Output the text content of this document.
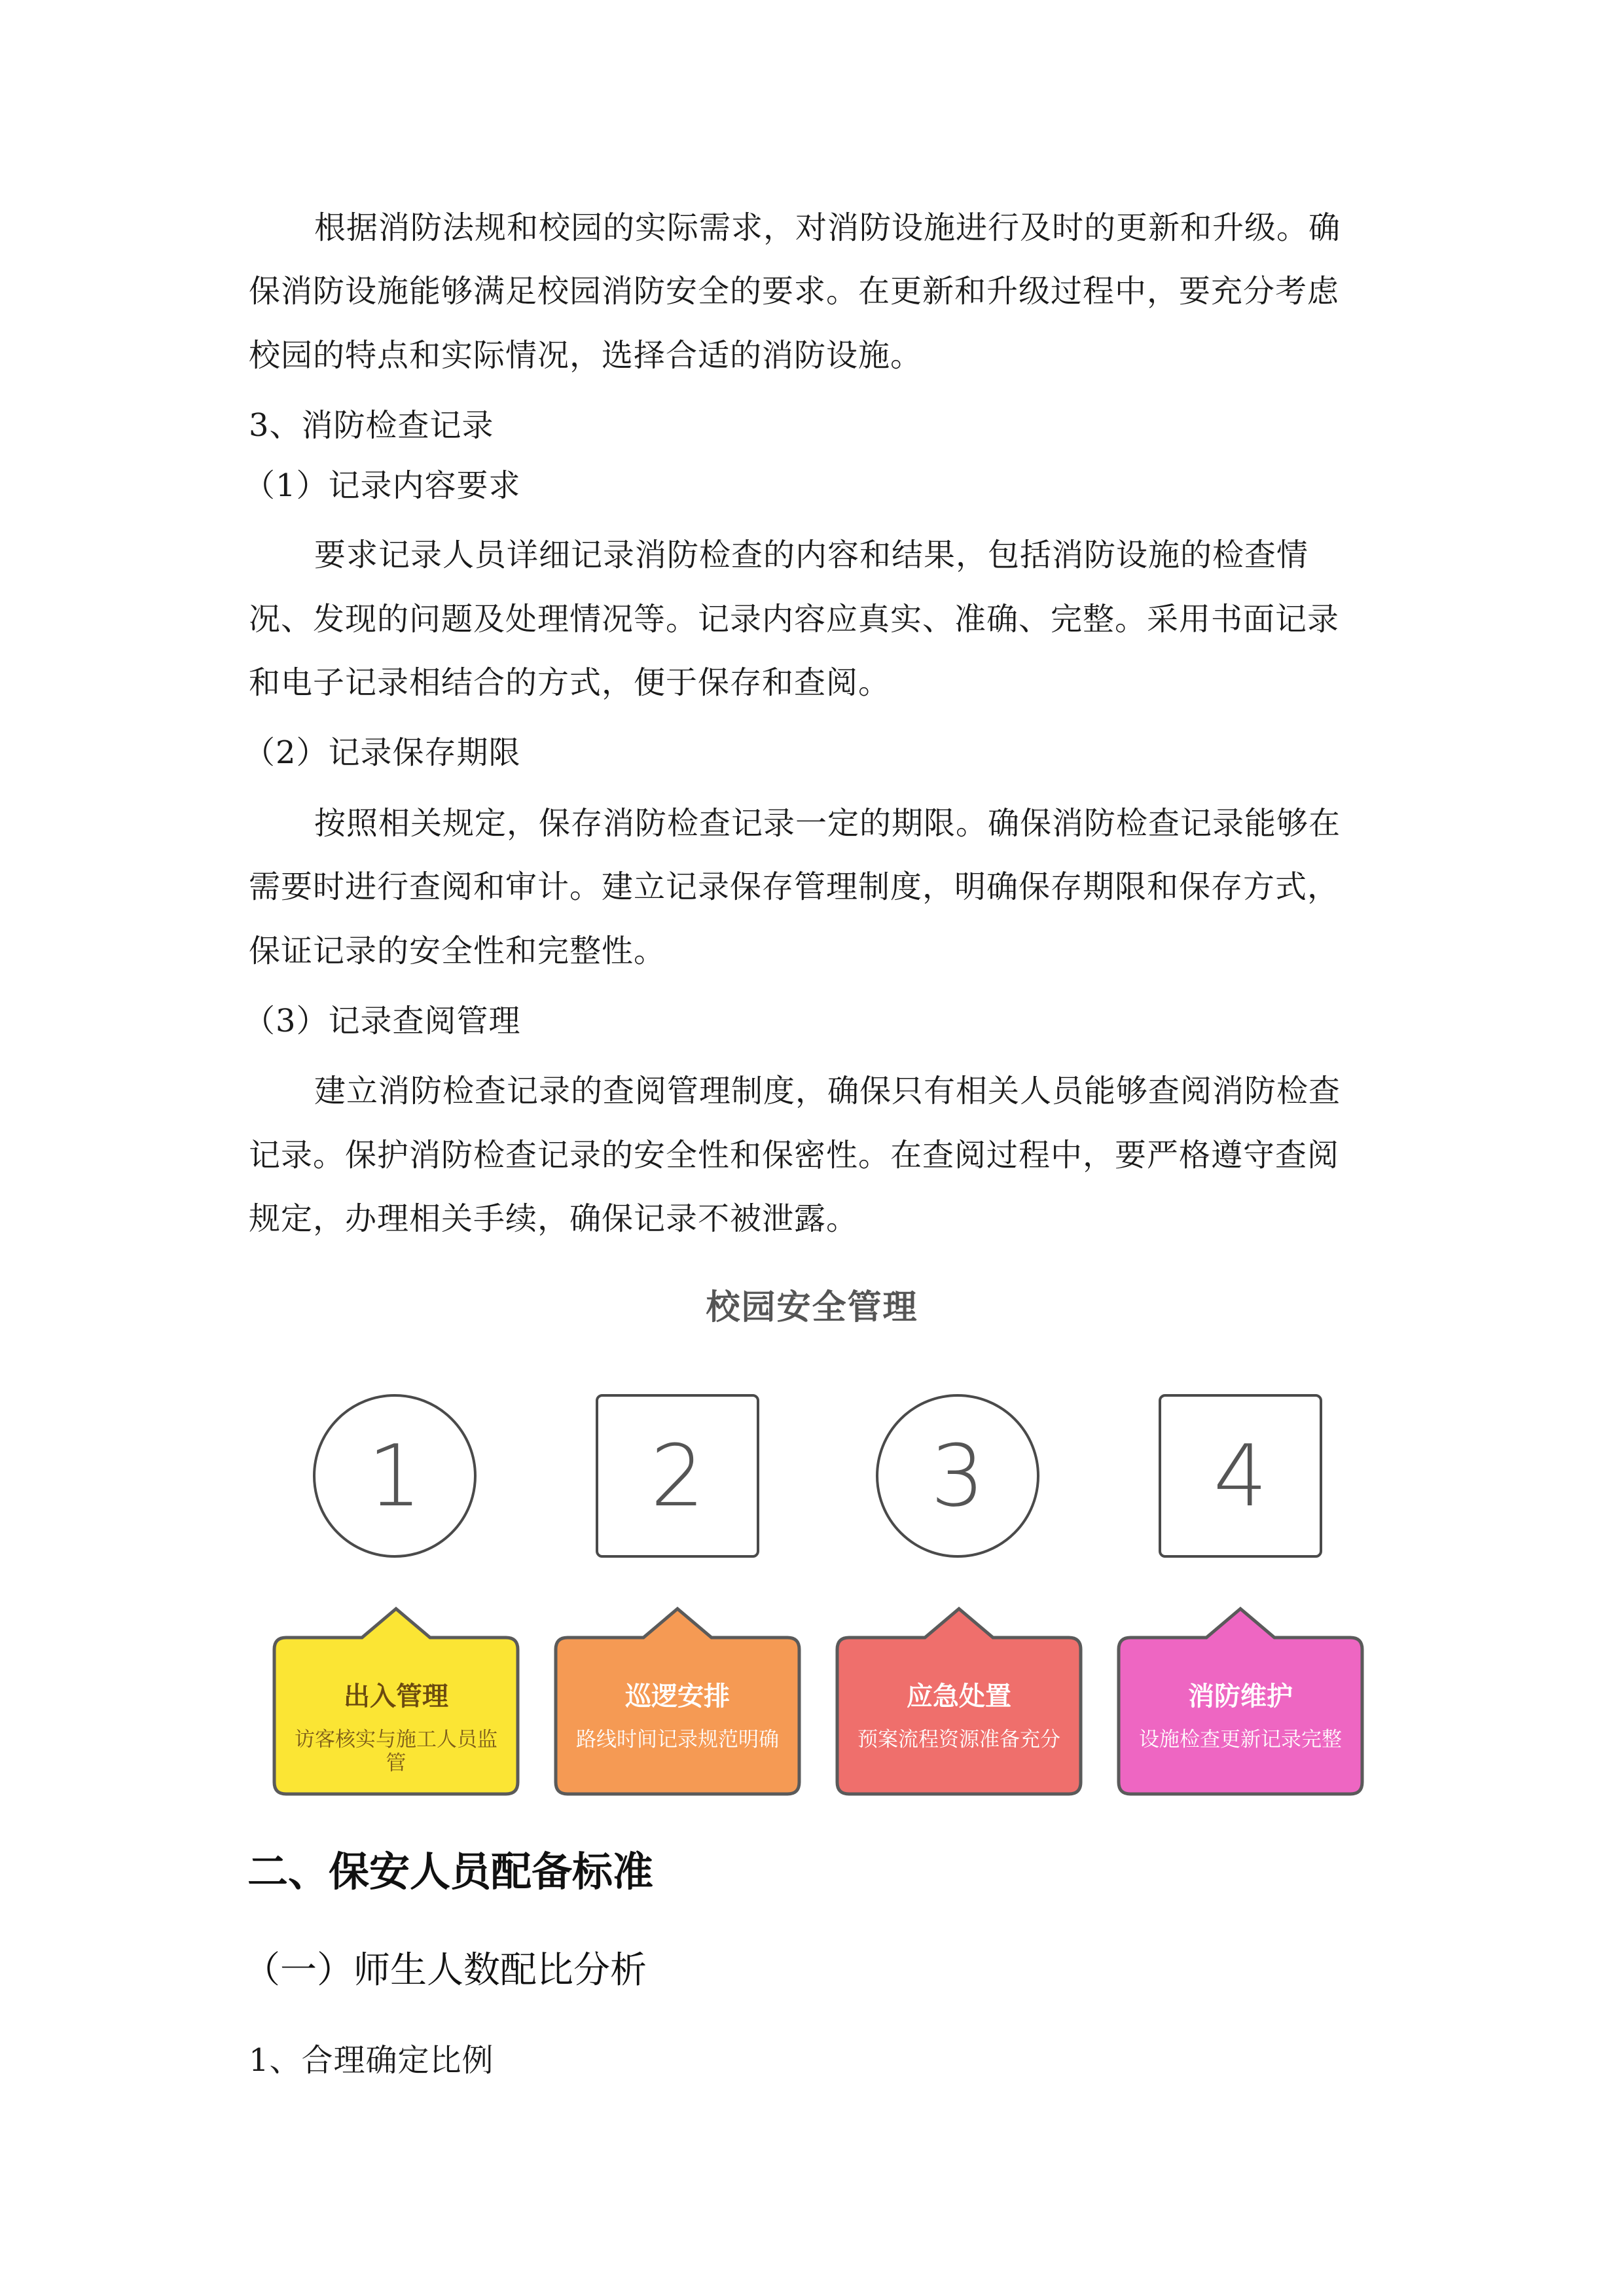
根据消防法规和校园的实际需求，对消防设施进行及时的更新和升级。确
保消防设施能够满足校园消防安全的要求。在更新和升级过程中，要充分考虑
校园的特点和实际情况，选择合适的消防设施。
3、消防检查记录
（1）记录内容要求
要求记录人员详细记录消防检查的内容和结果，包括消防设施的检查情
况、发现的问题及处理情况等。记录内容应真实、准确、完整。采用书面记录
和电子记录相结合的方式，便于保存和查阅。
（2）记录保存期限
按照相关规定，保存消防检查记录一定的期限。确保消防检查记录能够在
需要时进行查阅和审计。建立记录保存管理制度，明确保存期限和保存方式，
保证记录的安全性和完整性。
（3）记录查阅管理
建立消防检查记录的查阅管理制度，确保只有相关人员能够查阅消防检查
记录。保护消防检查记录的安全性和保密性。在查阅过程中，要严格遵守查阅
规定，办理相关手续，确保记录不被泄露。
校园安全管理
1	2	3	4
出入管理
访客核实与施工人员监管
巡逻安排
路线时间记录规范明确
应急处置
预案流程资源准备充分
消防维护
设施检查更新记录完整
二、保安人员配备标准
（一）师生人数配比分析
1、合理确定比例
